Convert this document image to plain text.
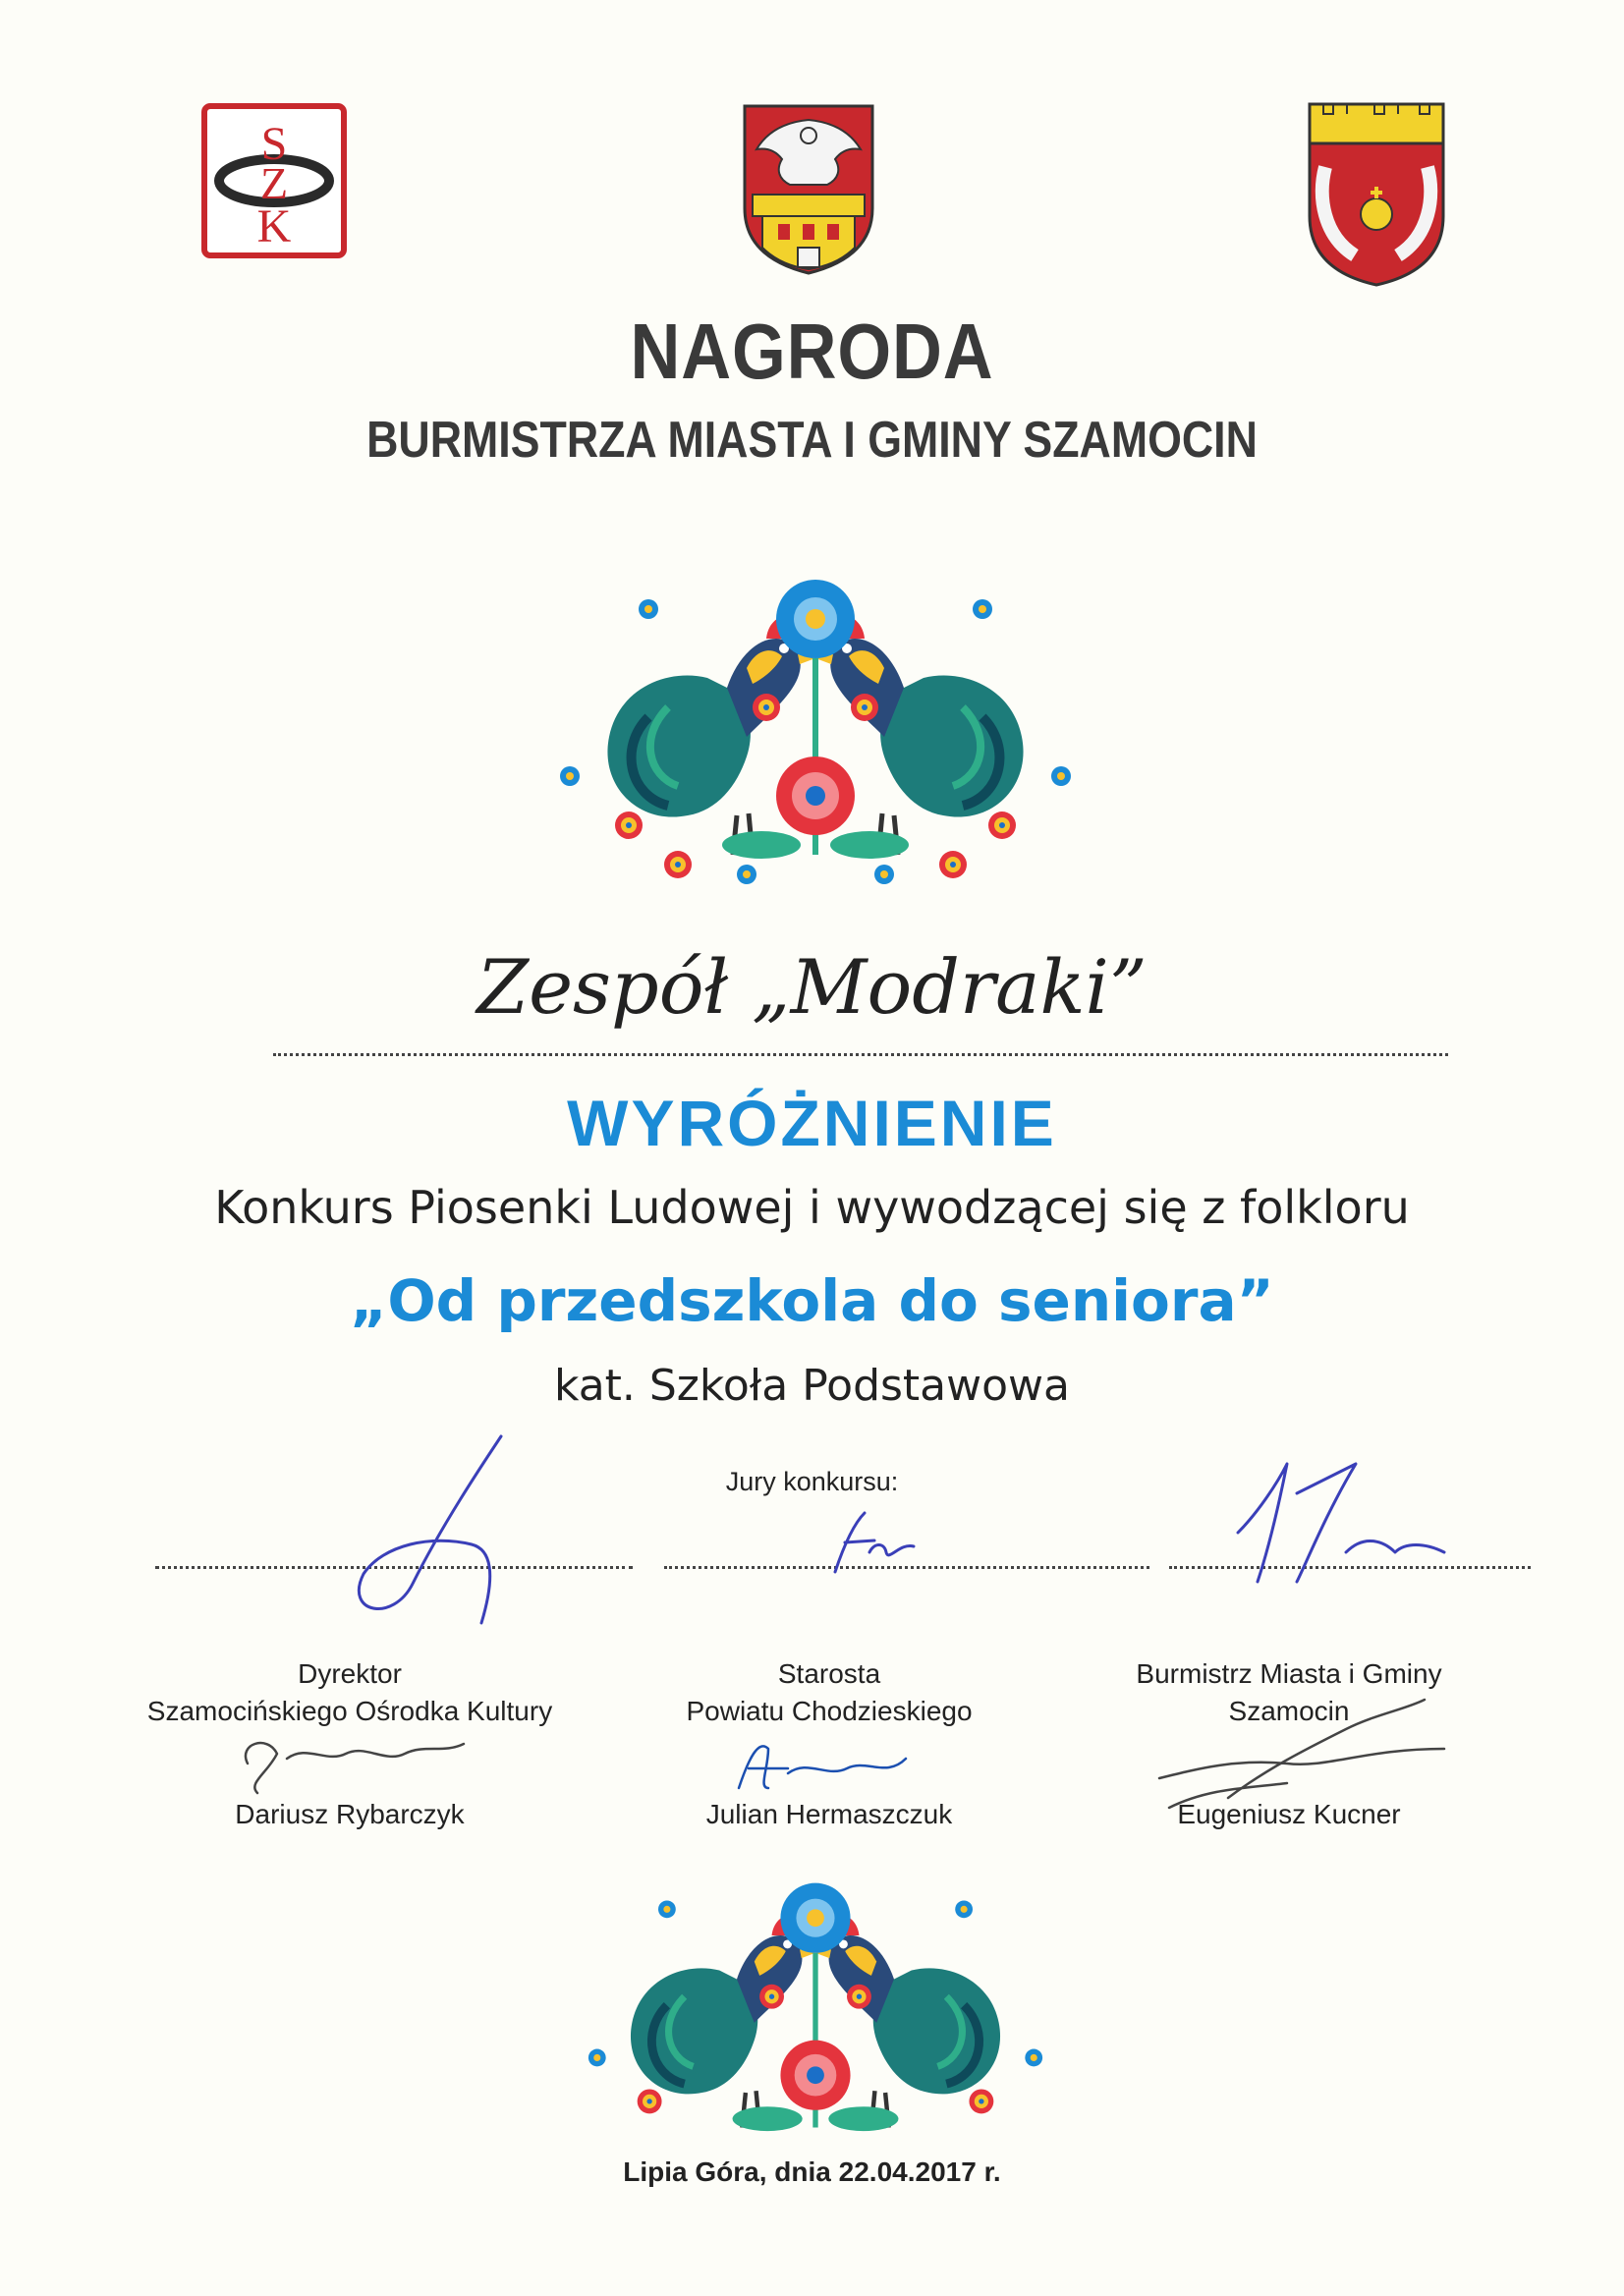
S
Z
K
NAGRODA
BURMISTRZA MIASTA I GMINY SZAMOCIN
Zespół „Modraki”
WYRÓŻNIENIE
Konkurs Piosenki Ludowej i wywodzącej się z folkloru
„Od przedszkola do seniora”
kat. Szkoła Podstawowa
Jury konkursu:
Dyrektor
Szamocińskiego Ośrodka Kultury
Starosta
Powiatu Chodzieskiego
Burmistrz Miasta i Gminy
Szamocin
Dariusz Rybarczyk	Julian Hermaszczuk	Eugeniusz Kucner
Lipia Góra, dnia 22.04.2017 r.
